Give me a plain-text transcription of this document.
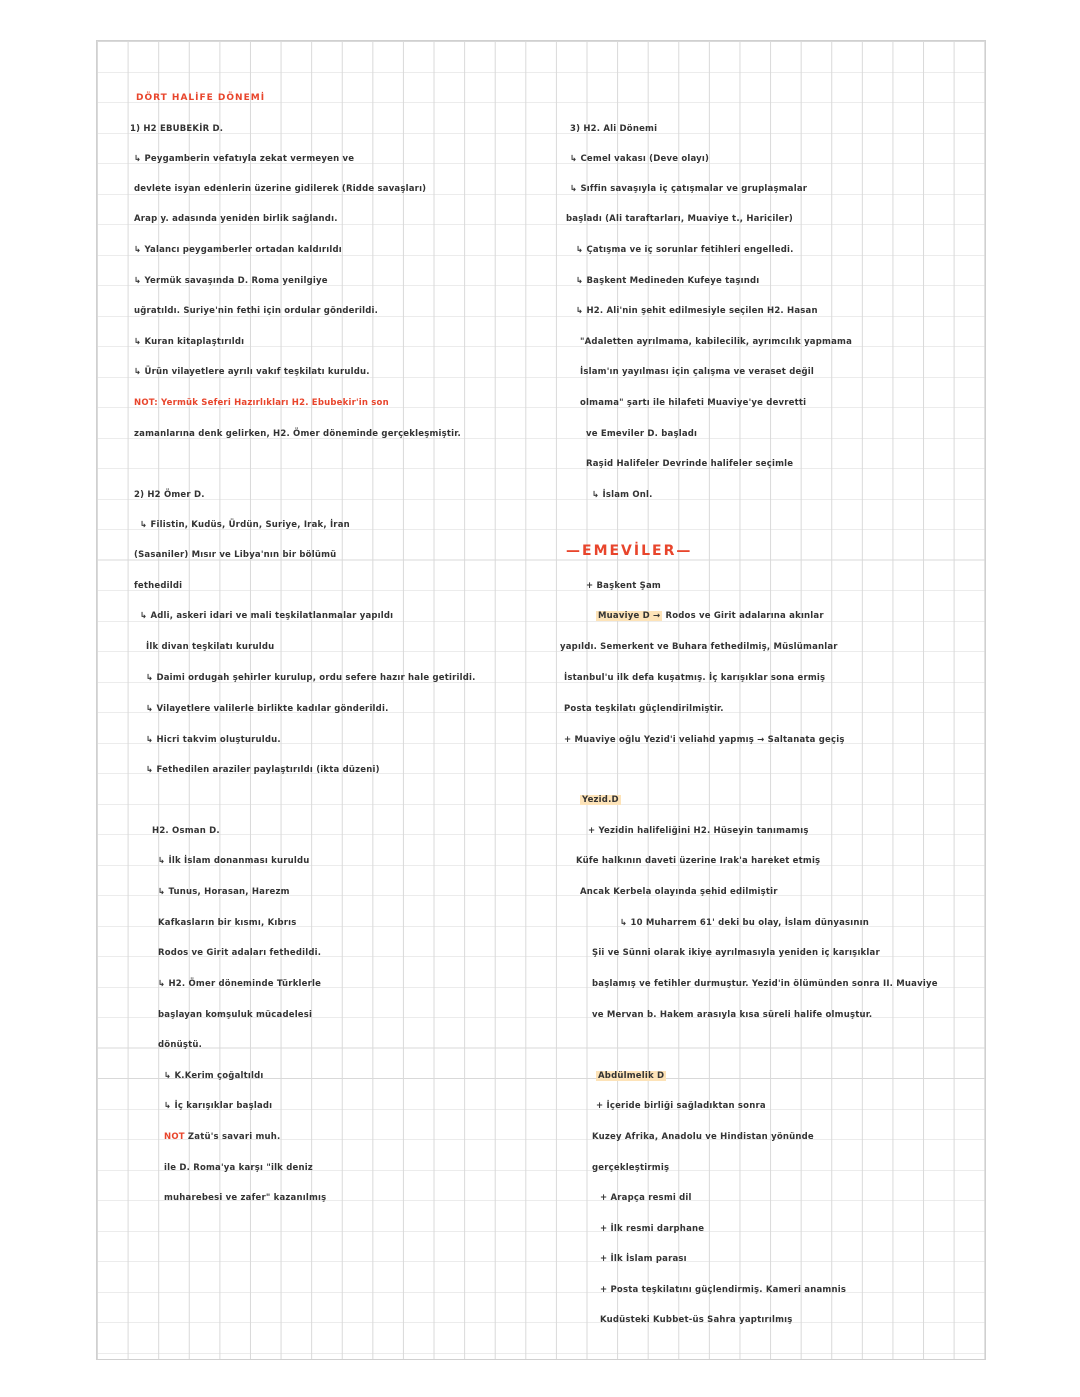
DÖRT HALİFE DÖNEMİ
1) H2 EBUBEKİR D.
↳ Peygamberin vefatıyla zekat vermeyen ve
devlete isyan edenlerin üzerine gidilerek (Ridde savaşları)
Arap y. adasında yeniden birlik sağlandı.
↳ Yalancı peygamberler ortadan kaldırıldı
↳ Yermük savaşında D. Roma yenilgiye
uğratıldı. Suriye'nin fethi için ordular gönderildi.
↳ Kuran kitaplaştırıldı
↳ Ürün vilayetlere ayrılı vakıf teşkilatı kuruldu.
NOT: Yermük Seferi Hazırlıkları H2. Ebubekir'in son
zamanlarına denk gelirken, H2. Ömer döneminde gerçekleşmiştir.
2) H2 Ömer D.
↳ Filistin, Kudüs, Ürdün, Suriye, Irak, İran
(Sasaniler) Mısır ve Libya'nın bir bölümü
fethedildi
↳ Adli, askeri idari ve mali teşkilatlanmalar yapıldı
İlk divan teşkilatı kuruldu
↳ Daimi ordugah şehirler kurulup, ordu sefere hazır hale getirildi.
↳ Vilayetlere valilerle birlikte kadılar gönderildi.
↳ Hicri takvim oluşturuldu.
↳ Fethedilen araziler paylaştırıldı (ikta düzeni)
H2. Osman D.
↳ İlk İslam donanması kuruldu
↳ Tunus, Horasan, Harezm
Kafkasların bir kısmı, Kıbrıs
Rodos ve Girit adaları fethedildi.
↳ H2. Ömer döneminde Türklerle
başlayan komşuluk mücadelesi
dönüştü.
↳ K.Kerim çoğaltıldı
↳ İç karışıklar başladı
NOT Zatü's savari muh.
ile D. Roma'ya karşı "ilk deniz
muharebesi ve zafer" kazanılmış
3) H2. Ali Dönemi
↳ Cemel vakası (Deve olayı)
↳ Sıffin savaşıyla iç çatışmalar ve gruplaşmalar
başladı (Ali taraftarları, Muaviye t., Hariciler)
↳ Çatışma ve iç sorunlar fetihleri engelledi.
↳ Başkent Medineden Kufeye taşındı
↳ H2. Ali'nin şehit edilmesiyle seçilen H2. Hasan
"Adaletten ayrılmama, kabilecilik, ayrımcılık yapmama
İslam'ın yayılması için çalışma ve veraset değil
olmama" şartı ile hilafeti Muaviye'ye devretti
ve Emeviler D. başladı
Raşid Halifeler Devrinde halifeler seçimle
↳ İslam Onl.
—EMEVİLER—
+ Başkent Şam
Muaviye D → Rodos ve Girit adalarına akınlar
yapıldı. Semerkent ve Buhara fethedilmiş, Müslümanlar
İstanbul'u ilk defa kuşatmış. İç karışıklar sona ermiş
Posta teşkilatı güçlendirilmiştir.
+ Muaviye oğlu Yezid'i veliahd yapmış → Saltanata geçiş
Yezid.D
+ Yezidin halifeliğini H2. Hüseyin tanımamış
Küfe halkının daveti üzerine Irak'a hareket etmiş
Ancak Kerbela olayında şehid edilmiştir
↳ 10 Muharrem 61' deki bu olay, İslam dünyasının
Şii ve Sünni olarak ikiye ayrılmasıyla yeniden iç karışıklar
başlamış ve fetihler durmuştur. Yezid'in ölümünden sonra II. Muaviye
ve Mervan b. Hakem arasıyla kısa süreli halife olmuştur.
Abdülmelik D
+ İçeride birliği sağladıktan sonra
Kuzey Afrika, Anadolu ve Hindistan yönünde
gerçekleştirmiş
+ Arapça resmi dil
+ İlk resmi darphane
+ İlk İslam parası
+ Posta teşkilatını güçlendirmiş. Kameri anamnis
Kudüsteki Kubbet-üs Sahra yaptırılmış
